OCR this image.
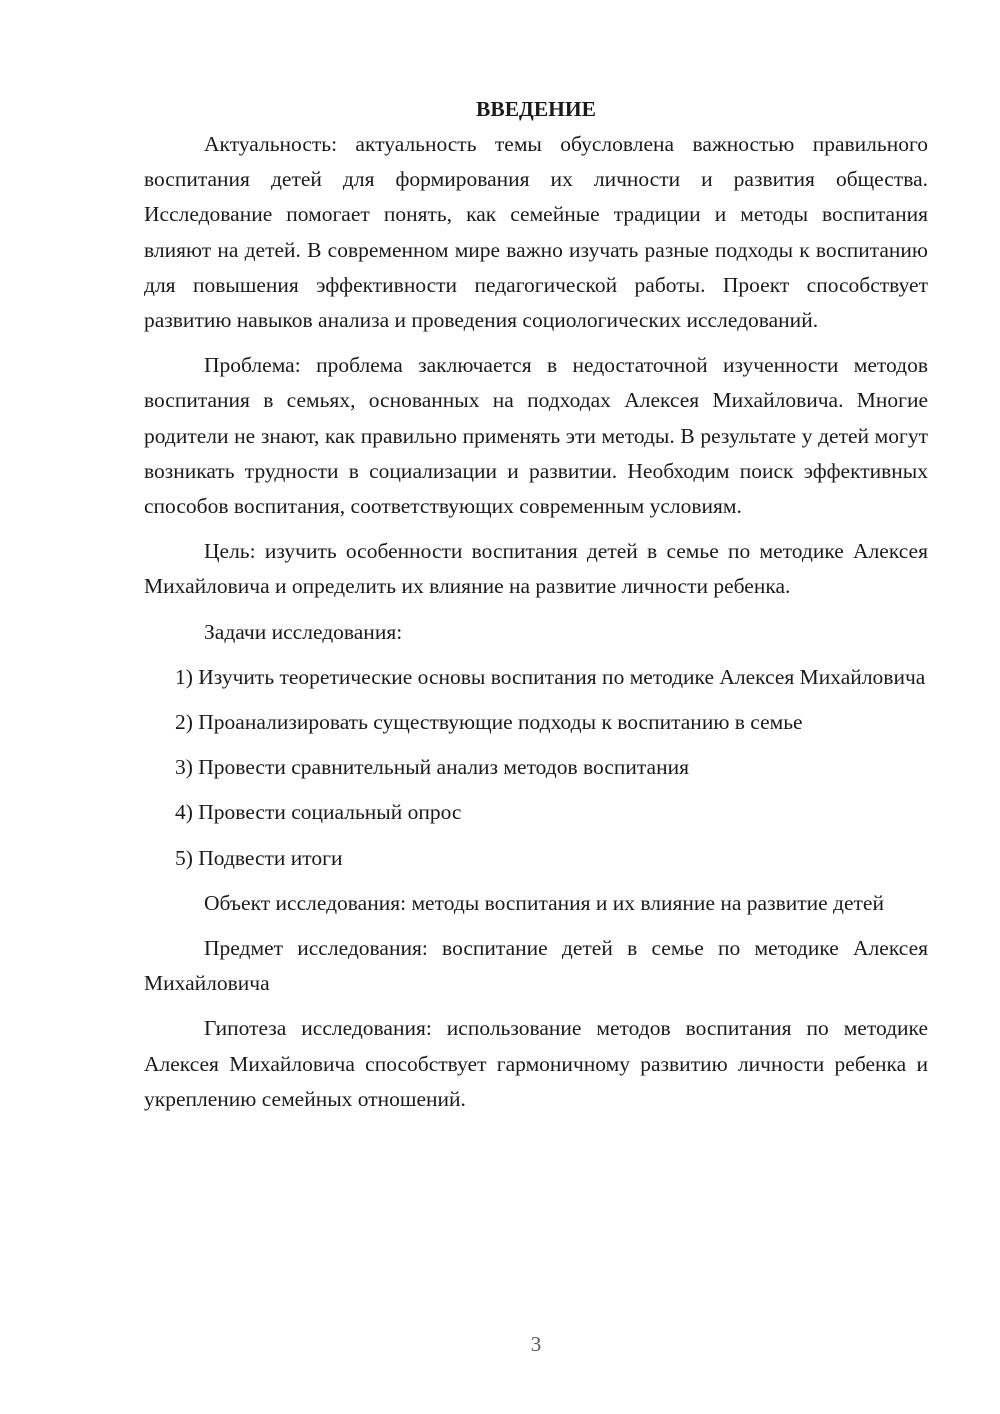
ВВЕДЕНИЕ

Актуальность: актуальность темы обусловлена важностью правильного воспитания детей для формирования их личности и развития общества. Исследование помогает понять, как семейные традиции и методы воспитания влияют на детей. В современном мире важно изучать разные подходы к воспитанию для повышения эффективности педагогической работы. Проект способствует развитию навыков анализа и проведения социологических исследований.

Проблема: проблема заключается в недостаточной изученности методов воспитания в семьях, основанных на подходах Алексея Михайловича. Многие родители не знают, как правильно применять эти методы. В результате у детей могут возникать трудности в социализации и развитии. Необходим поиск эффективных способов воспитания, соответствующих современным условиям.

Цель: изучить особенности воспитания детей в семье по методике Алексея Михайловича и определить их влияние на развитие личности ребенка.

Задачи исследования:

1) Изучить теоретические основы воспитания по методике Алексея Михайловича

2) Проанализировать существующие подходы к воспитанию в семье

3) Провести сравнительный анализ методов воспитания

4) Провести социальный опрос

5) Подвести итоги

Объект исследования: методы воспитания и их влияние на развитие детей

Предмет исследования: воспитание детей в семье по методике Алексея Михайловича

Гипотеза исследования: использование методов воспитания по методике Алексея Михайловича способствует гармоничному развитию личности ребенка и укреплению семейных отношений.

3
